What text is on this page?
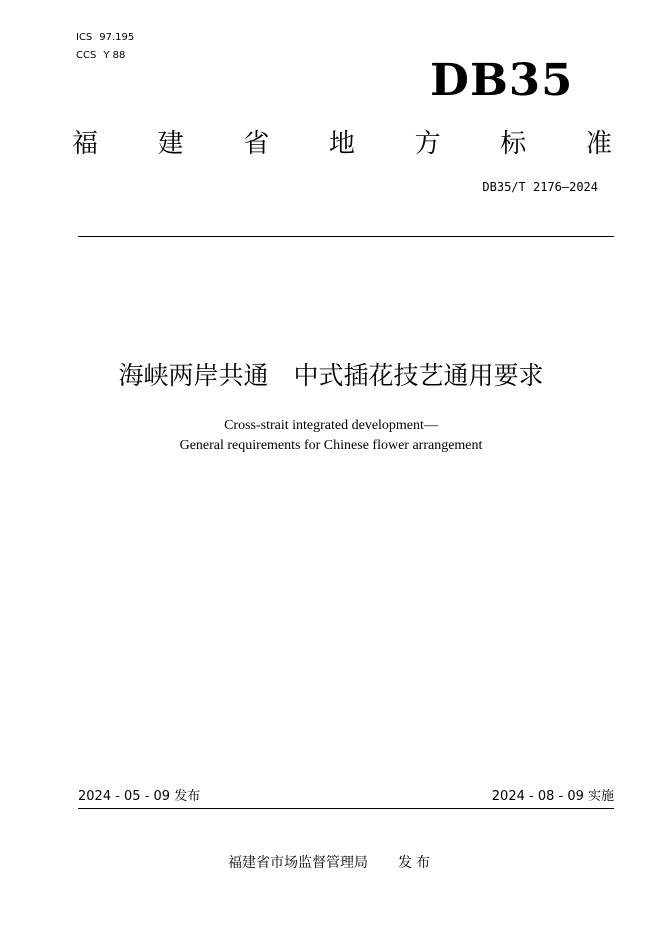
ICS 97.195
CCS Y 88	DB35
福 建 省 地 方 标 准
DB35/T 2176—2024
海峡两岸共通　中式插花技艺通用要求
Cross-strait integrated development—
General requirements for Chinese flower arrangement
2024 - 05 - 09 发布	2024 - 08 - 09 实施
福建省市场监督管理局 发布
